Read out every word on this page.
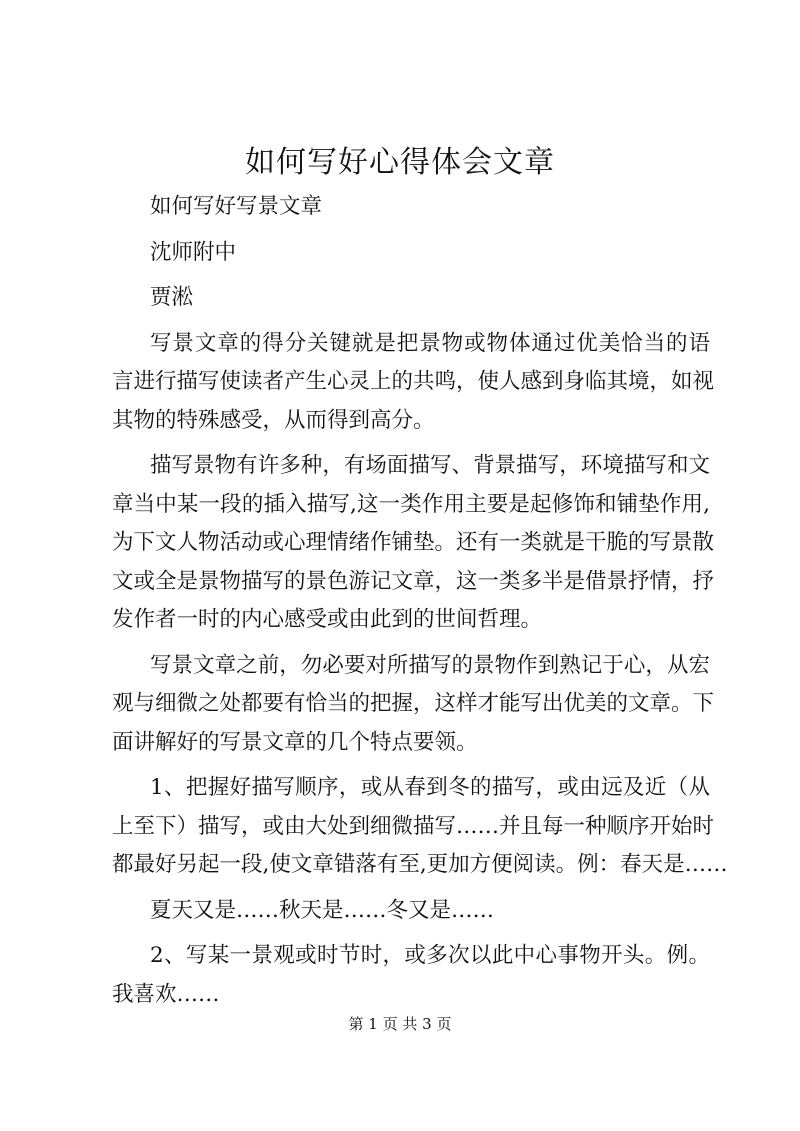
如何写好心得体会文章
如何写好写景文章
沈师附中
贾淞
写景文章的得分关键就是把景物或物体通过优美恰当的语
言进行描写使读者产生心灵上的共鸣，使人感到身临其境，如视
其物的特殊感受，从而得到高分。
描写景物有许多种，有场面描写、背景描写，环境描写和文
章当中某一段的插入描写,这一类作用主要是起修饰和铺垫作用,
为下文人物活动或心理情绪作铺垫。还有一类就是干脆的写景散
文或全是景物描写的景色游记文章，这一类多半是借景抒情，抒
发作者一时的内心感受或由此到的世间哲理。
写景文章之前，勿必要对所描写的景物作到熟记于心，从宏
观与细微之处都要有恰当的把握，这样才能写出优美的文章。下
面讲解好的写景文章的几个特点要领。
1、把握好描写顺序，或从春到冬的描写，或由远及近（从
上至下）描写，或由大处到细微描写……并且每一种顺序开始时
都最好另起一段,使文章错落有至,更加方便阅读。例：春天是……
夏天又是……秋天是……冬又是……
2、写某一景观或时节时，或多次以此中心事物开头。例。
我喜欢……
第 1 页 共 3 页
